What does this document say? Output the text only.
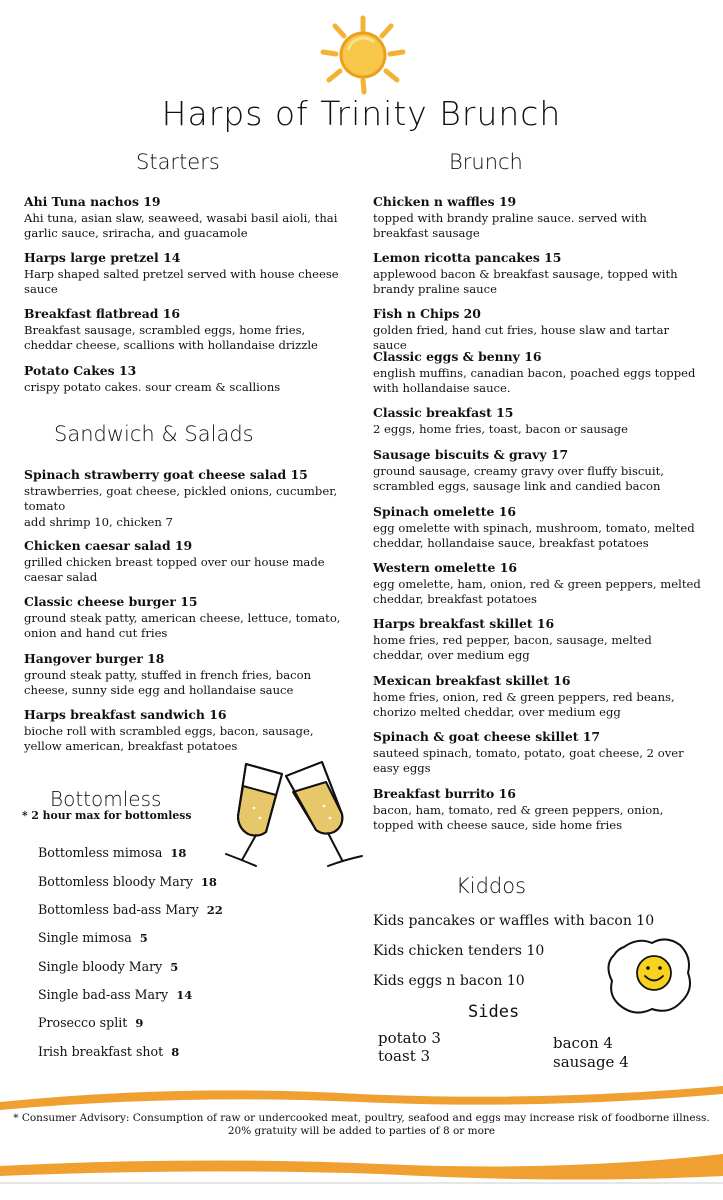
Harps of Trinity Brunch
Starters	Brunch
Ahi Tuna nachos 19
Ahi tuna, asian slaw, seaweed, wasabi basil aioli, thai garlic sauce, sriracha, and guacamole
Harps large pretzel 14
Harp shaped salted pretzel served with house cheese sauce
Breakfast flatbread 16
Breakfast sausage, scrambled eggs, home fries, cheddar cheese, scallions with hollandaise drizzle
Potato Cakes 13
crispy potato cakes. sour cream & scallions
Sandwich & Salads
Spinach strawberry goat cheese salad 15
strawberries, goat cheese, pickled onions, cucumber, tomato
add shrimp 10, chicken 7
Chicken caesar salad 19
grilled chicken breast topped over our house made caesar salad
Classic cheese burger 15
ground steak patty, american cheese, lettuce, tomato, onion and hand cut fries
Hangover burger 18
ground steak patty, stuffed in french fries, bacon cheese, sunny side egg and hollandaise sauce
Harps breakfast sandwich 16
bioche roll with scrambled eggs, bacon, sausage, yellow american, breakfast potatoes
Bottomless
* 2 hour max for bottomless
Bottomless mimosa 18
Bottomless bloody Mary 18
Bottomless bad-ass Mary 22
Single mimosa 5
Single bloody Mary 5
Single bad-ass Mary 14
Prosecco split 9
Irish breakfast shot 8
Chicken n waffles 19
topped with brandy praline sauce. served with breakfast sausage
Lemon ricotta pancakes 15
applewood bacon & breakfast sausage, topped with brandy praline sauce
Fish n Chips 20
golden fried, hand cut fries, house slaw and tartar sauce
Classic eggs & benny 16
english muffins, canadian bacon, poached eggs topped with hollandaise sauce.
Classic breakfast 15
2 eggs, home fries, toast, bacon or sausage
Sausage biscuits & gravy 17
ground sausage, creamy gravy over fluffy biscuit, scrambled eggs, sausage link and candied bacon
Spinach omelette 16
egg omelette with spinach, mushroom, tomato, melted cheddar, hollandaise sauce, breakfast potatoes
Western omelette 16
egg omelette, ham, onion, red & green peppers, melted cheddar, breakfast potatoes
Harps breakfast skillet 16
home fries, red pepper, bacon, sausage, melted cheddar, over medium egg
Mexican breakfast skillet 16
home fries, onion, red & green peppers, red beans, chorizo melted cheddar, over medium egg
Spinach & goat cheese skillet 17
sauteed spinach, tomato, potato, goat cheese, 2 over easy eggs
Breakfast burrito 16
bacon, ham, tomato, red & green peppers, onion, topped with cheese sauce, side home fries
Kiddos
Kids pancakes or waffles with bacon 10
Kids chicken tenders 10
Kids eggs n bacon 10
Sides
potato 3
toast 3
bacon 4
sausage 4
* Consumer Advisory: Consumption of raw or undercooked meat, poultry, seafood and eggs may increase risk of foodborne illness.
20% gratuity will be added to parties of 8 or more
